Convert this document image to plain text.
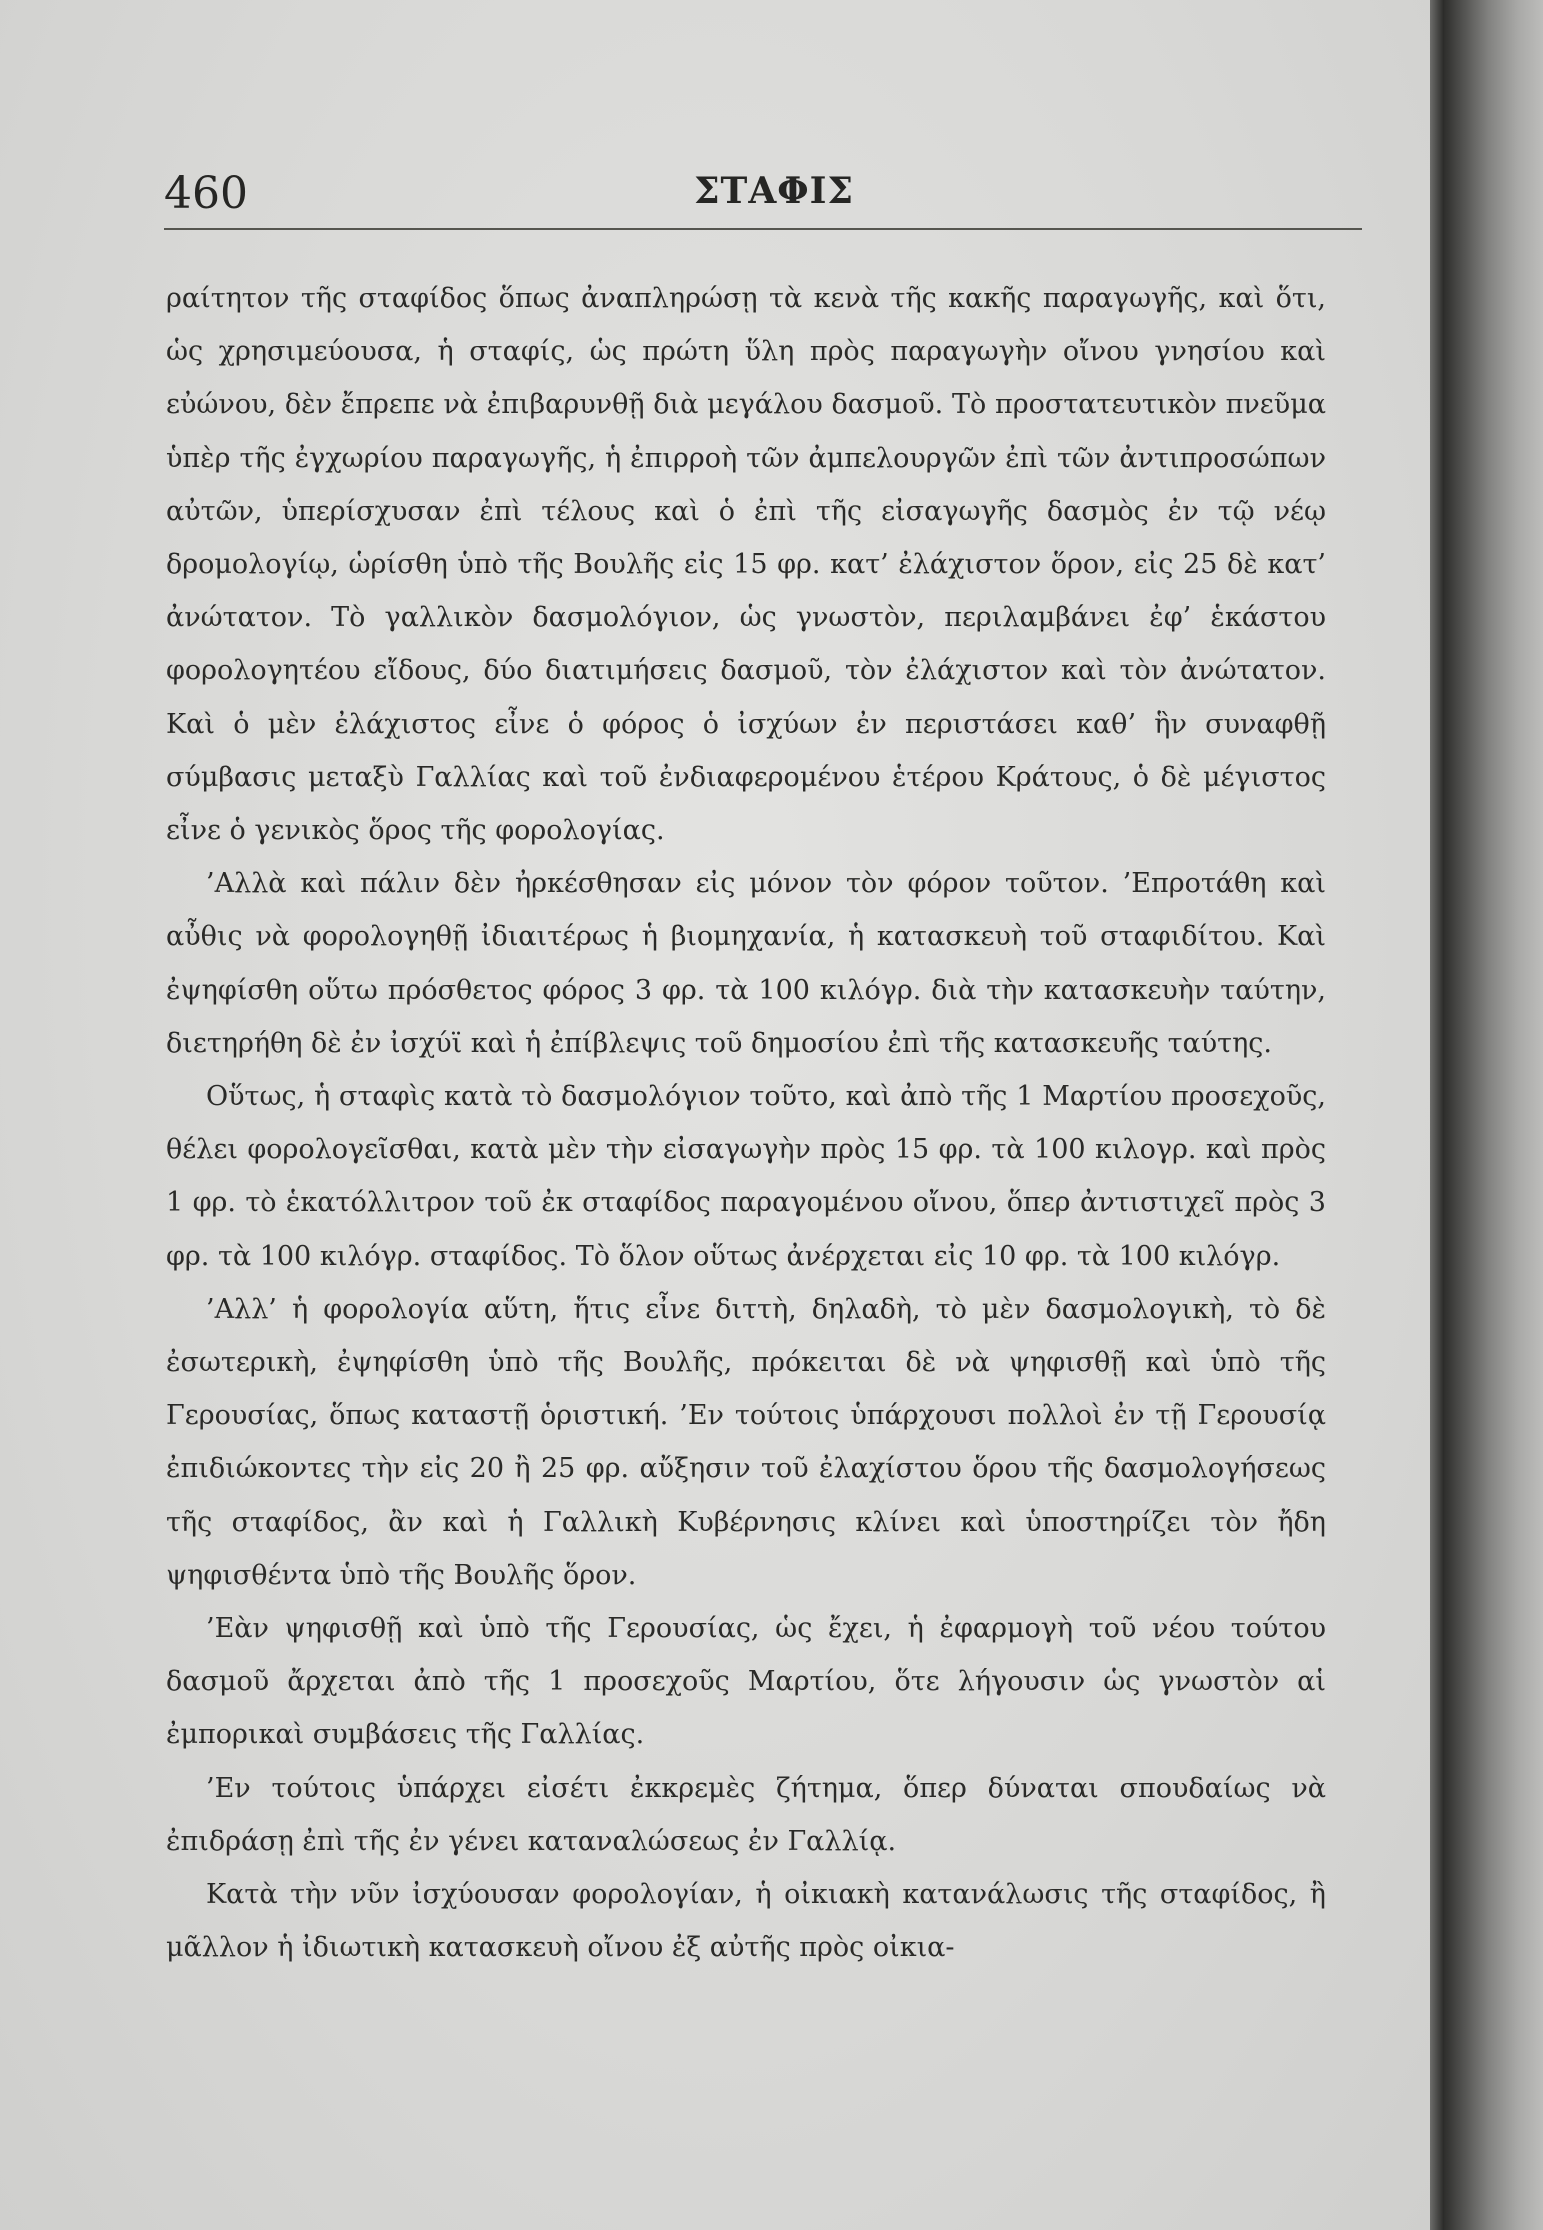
460	ΣΤΑΦΙΣ

ραίτητον τῆς σταφίδος ὅπως ἀναπληρώσῃ τὰ κενὰ τῆς κακῆς παραγωγῆς, καὶ ὅτι, ὡς χρησιμεύουσα, ἡ σταφίς, ὡς πρώτη ὕλη πρὸς παραγωγὴν οἴνου γνησίου καὶ εὐώνου, δὲν ἔπρεπε νὰ ἐπιβαρυνθῇ διὰ μεγάλου δασμοῦ. Τὸ προστατευτικὸν πνεῦμα ὑπὲρ τῆς ἐγχωρίου παραγωγῆς, ἡ ἐπιρροὴ τῶν ἀμπελουργῶν ἐπὶ τῶν ἀντιπροσώπων αὐτῶν, ὑπερίσχυσαν ἐπὶ τέλους καὶ ὁ ἐπὶ τῆς εἰσαγωγῆς δασμὸς ἐν τῷ νέῳ δρομολογίῳ, ὡρίσθη ὑπὸ τῆς Βουλῆς εἰς 15 φρ. κατ’ ἐλάχιστον ὅρον, εἰς 25 δὲ κατ’ ἀνώτατον. Τὸ γαλλικὸν δασμολόγιον, ὡς γνωστὸν, περιλαμβάνει ἐφ’ ἑκάστου φορολογητέου εἴδους, δύο διατιμήσεις δασμοῦ, τὸν ἐλάχιστον καὶ τὸν ἀνώτατον. Καὶ ὁ μὲν ἐλάχιστος εἶνε ὁ φόρος ὁ ἰσχύων ἐν περιστάσει καθ’ ἣν συναφθῇ σύμβασις μεταξὺ Γαλλίας καὶ τοῦ ἐνδιαφερομένου ἑτέρου Κράτους, ὁ δὲ μέγιστος εἶνε ὁ γενικὸς ὅρος τῆς φορολογίας.

’Αλλὰ καὶ πάλιν δὲν ἠρκέσθησαν εἰς μόνον τὸν φόρον τοῦτον. ’Επροτάθη καὶ αὖθις νὰ φορολογηθῇ ἰδιαιτέρως ἡ βιομηχανία, ἡ κατασκευὴ τοῦ σταφιδίτου. Καὶ ἐψηφίσθη οὕτω πρόσθετος φόρος 3 φρ. τὰ 100 κιλόγρ. διὰ τὴν κατασκευὴν ταύτην, διετηρήθη δὲ ἐν ἰσχύϊ καὶ ἡ ἐπίβλεψις τοῦ δημοσίου ἐπὶ τῆς κατασκευῆς ταύτης.

Οὕτως, ἡ σταφὶς κατὰ τὸ δασμολόγιον τοῦτο, καὶ ἀπὸ τῆς 1 Μαρτίου προσεχοῦς, θέλει φορολογεῖσθαι, κατὰ μὲν τὴν εἰσαγωγὴν πρὸς 15 φρ. τὰ 100 κιλογρ. καὶ πρὸς 1 φρ. τὸ ἑκατόλλιτρον τοῦ ἐκ σταφίδος παραγομένου οἴνου, ὅπερ ἀντιστιχεῖ πρὸς 3 φρ. τὰ 100 κιλόγρ. σταφίδος. Τὸ ὅλον οὕτως ἀνέρχεται εἰς 10 φρ. τὰ 100 κιλόγρ.

’Αλλ’ ἡ φορολογία αὕτη, ἥτις εἶνε διττὴ, δηλαδὴ, τὸ μὲν δασμολογικὴ, τὸ δὲ ἐσωτερικὴ, ἐψηφίσθη ὑπὸ τῆς Βουλῆς, πρόκειται δὲ νὰ ψηφισθῇ καὶ ὑπὸ τῆς Γερουσίας, ὅπως καταστῇ ὁριστική. ’Εν τούτοις ὑπάρχουσι πολλοὶ ἐν τῇ Γερουσίᾳ ἐπιδιώκοντες τὴν εἰς 20 ἢ 25 φρ. αὔξησιν τοῦ ἐλαχίστου ὅρου τῆς δασμολογήσεως τῆς σταφίδος, ἂν καὶ ἡ Γαλλικὴ Κυβέρνησις κλίνει καὶ ὑποστηρίζει τὸν ἤδη ψηφισθέντα ὑπὸ τῆς Βουλῆς ὅρον.

’Εὰν ψηφισθῇ καὶ ὑπὸ τῆς Γερουσίας, ὡς ἔχει, ἡ ἐφαρμογὴ τοῦ νέου τούτου δασμοῦ ἄρχεται ἀπὸ τῆς 1 προσεχοῦς Μαρτίου, ὅτε λήγουσιν ὡς γνωστὸν αἱ ἐμπορικαὶ συμβάσεις τῆς Γαλλίας.

’Εν τούτοις ὑπάρχει εἰσέτι ἐκκρεμὲς ζήτημα, ὅπερ δύναται σπουδαίως νὰ ἐπιδράσῃ ἐπὶ τῆς ἐν γένει καταναλώσεως ἐν Γαλλίᾳ.

Κατὰ τὴν νῦν ἰσχύουσαν φορολογίαν, ἡ οἰκιακὴ κατανάλωσις τῆς σταφίδος, ἢ μᾶλλον ἡ ἰδιωτικὴ κατασκευὴ οἴνου ἐξ αὐτῆς πρὸς οἰκια-
